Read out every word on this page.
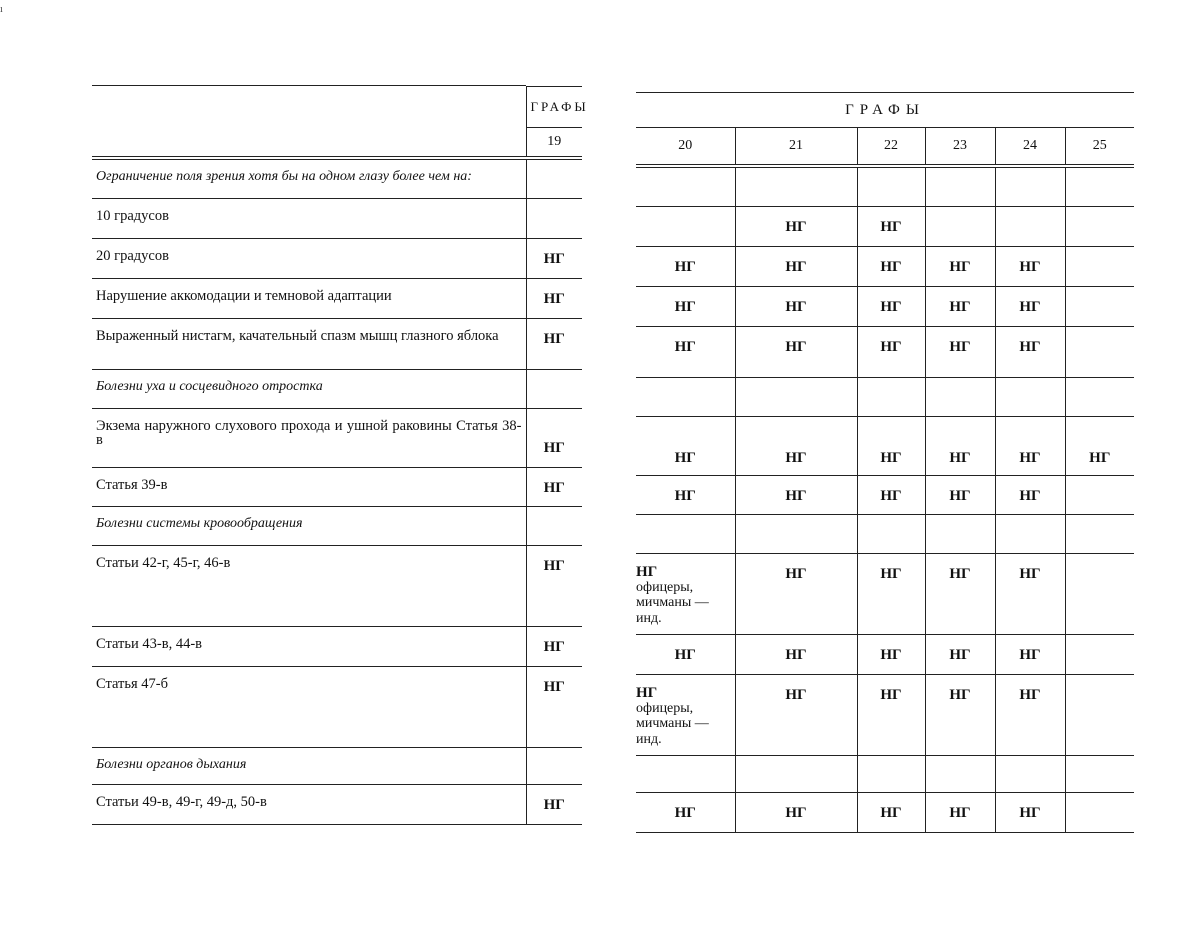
ı
	ГРАФЫ
	19
Ограничение поля зрения хотя бы на одном глазу более чем на:	
10 градусов	
20 градусов	НГ
Нарушение аккомодации и темновой адаптации	НГ
Выраженный нистагм, качательный спазм мышц глазного яблока	НГ
Болезни уха и сосцевидного отростка	
Экзема наружного слухового прохода и ушной раковины Статья 38-в	НГ
Статья 39-в	НГ
Болезни системы кровообращения	
Статьи 42-г, 45-г, 46-в	НГ
Статьи 43-в, 44-в	НГ
Статья 47-б	НГ
Болезни органов дыхания	
Статьи 49-в, 49-г, 49-д, 50-в	НГ
ГРАФЫ					
20	21	22	23	24	25

	НГ	НГ			
НГ	НГ	НГ	НГ	НГ	
НГ	НГ	НГ	НГ	НГ	
НГ	НГ	НГ	НГ	НГ	

НГ	НГ	НГ	НГ	НГ	НГ
НГ	НГ	НГ	НГ	НГ	

НГ
офицеры,
мичманы —
инд.	НГ	НГ	НГ	НГ	
НГ	НГ	НГ	НГ	НГ	
НГ
офицеры,
мичманы —
инд.	НГ	НГ	НГ	НГ	

НГ	НГ	НГ	НГ	НГ	
